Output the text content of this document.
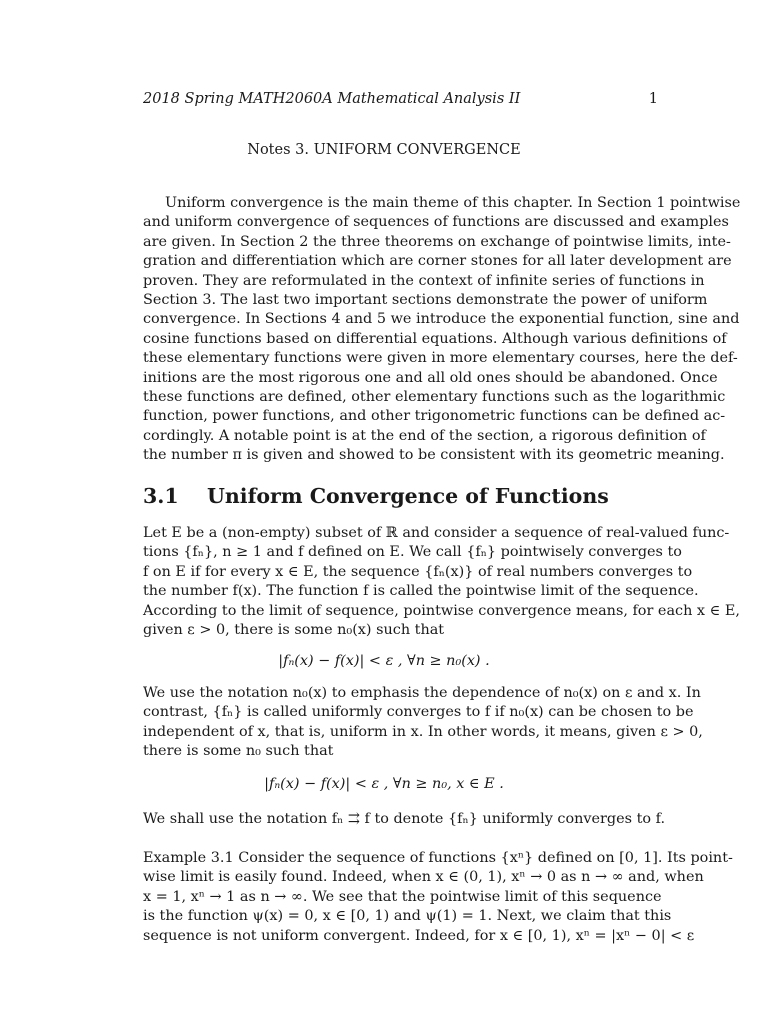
2018 Spring MATH2060A Mathematical Analysis II	1
Notes 3. UNIFORM CONVERGENCE
Uniform convergence is the main theme of this chapter. In Section 1 pointwise
and uniform convergence of sequences of functions are discussed and examples
are given. In Section 2 the three theorems on exchange of pointwise limits, inte-
gration and differentiation which are corner stones for all later development are
proven. They are reformulated in the context of infinite series of functions in
Section 3. The last two important sections demonstrate the power of uniform
convergence. In Sections 4 and 5 we introduce the exponential function, sine and
cosine functions based on differential equations. Although various definitions of
these elementary functions were given in more elementary courses, here the def-
initions are the most rigorous one and all old ones should be abandoned. Once
these functions are defined, other elementary functions such as the logarithmic
function, power functions, and other trigonometric functions can be defined ac-
cordingly. A notable point is at the end of the section, a rigorous definition of
the number π is given and showed to be consistent with its geometric meaning.
3.1 Uniform Convergence of Functions
Let E be a (non-empty) subset of ℝ and consider a sequence of real-valued func-
tions {fₙ}, n ≥ 1 and f defined on E. We call {fₙ} pointwisely converges to
f on E if for every x ∈ E, the sequence {fₙ(x)} of real numbers converges to
the number f(x). The function f is called the pointwise limit of the sequence.
According to the limit of sequence, pointwise convergence means, for each x ∈ E,
given ε > 0, there is some n₀(x) such that
|fₙ(x) − f(x)| < ε , ∀n ≥ n₀(x) .
We use the notation n₀(x) to emphasis the dependence of n₀(x) on ε and x. In
contrast, {fₙ} is called uniformly converges to f if n₀(x) can be chosen to be
independent of x, that is, uniform in x. In other words, it means, given ε > 0,
there is some n₀ such that
|fₙ(x) − f(x)| < ε , ∀n ≥ n₀, x ∈ E .
We shall use the notation fₙ ⇉ f to denote {fₙ} uniformly converges to f.
Example 3.1 Consider the sequence of functions {xⁿ} defined on [0, 1]. Its point-
wise limit is easily found. Indeed, when x ∈ (0, 1), xⁿ → 0 as n → ∞ and, when
x = 1, xⁿ → 1 as n → ∞. We see that the pointwise limit of this sequence
is the function ψ(x) = 0, x ∈ [0, 1) and ψ(1) = 1. Next, we claim that this
sequence is not uniform convergent. Indeed, for x ∈ [0, 1), xⁿ = |xⁿ − 0| < ε
